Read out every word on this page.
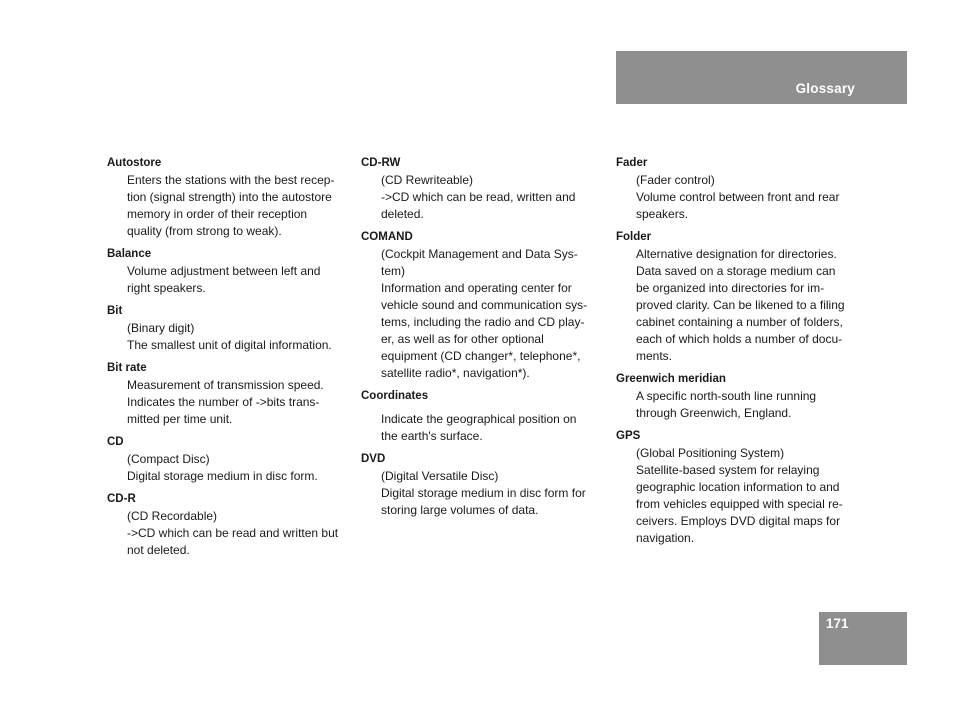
Glossary
Autostore
Enters the stations with the best recep-
tion (signal strength) into the autostore
memory in order of their reception
quality (from strong to weak).
Balance
Volume adjustment between left and
right speakers.
Bit
(Binary digit)
The smallest unit of digital information.
Bit rate
Measurement of transmission speed.
Indicates the number of ->bits trans-
mitted per time unit.
CD
(Compact Disc)
Digital storage medium in disc form.
CD-R
(CD Recordable)
->CD which can be read and written but
not deleted.
CD-RW
(CD Rewriteable)
->CD which can be read, written and
deleted.
COMAND
(Cockpit Management and Data Sys-
tem)
Information and operating center for
vehicle sound and communication sys-
tems, including the radio and CD play-
er, as well as for other optional
equipment (CD changer*, telephone*,
satellite radio*, navigation*).
Coordinates
Indicate the geographical position on
the earth's surface.
DVD
(Digital Versatile Disc)
Digital storage medium in disc form for
storing large volumes of data.
Fader
(Fader control)
Volume control between front and rear
speakers.
Folder
Alternative designation for directories.
Data saved on a storage medium can
be organized into directories for im-
proved clarity. Can be likened to a filing
cabinet containing a number of folders,
each of which holds a number of docu-
ments.
Greenwich meridian
A specific north-south line running
through Greenwich, England.
GPS
(Global Positioning System)
Satellite-based system for relaying
geographic location information to and
from vehicles equipped with special re-
ceivers. Employs DVD digital maps for
navigation.
171
